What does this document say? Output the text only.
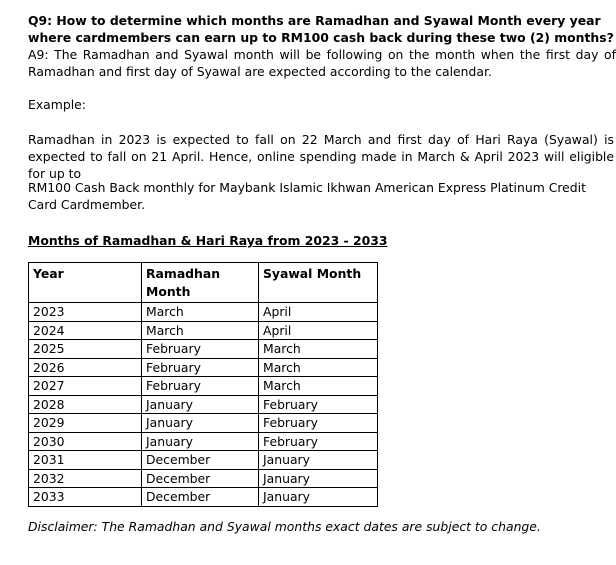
Q9: How to determine which months are Ramadhan and Syawal Month every year where cardmembers can earn up to RM100 cash back during these two (2) months?

A9: The Ramadhan and Syawal month will be following on the month when the first day of Ramadhan and first day of Syawal are expected according to the calendar.

Example:

Ramadhan in 2023 is expected to fall on 22 March and first day of Hari Raya (Syawal) is expected to fall on 21 April. Hence, online spending made in March & April 2023 will eligible for up to

RM100 Cash Back monthly for Maybank Islamic Ikhwan American Express Platinum Credit Card Cardmember.

Months of Ramadhan & Hari Raya from 2023 - 2033

Year	Ramadhan Month	Syawal Month
2023	March	April
2024	March	April
2025	February	March
2026	February	March
2027	February	March
2028	January	February
2029	January	February
2030	January	February
2031	December	January
2032	December	January
2033	December	January

Disclaimer: The Ramadhan and Syawal months exact dates are subject to change.
